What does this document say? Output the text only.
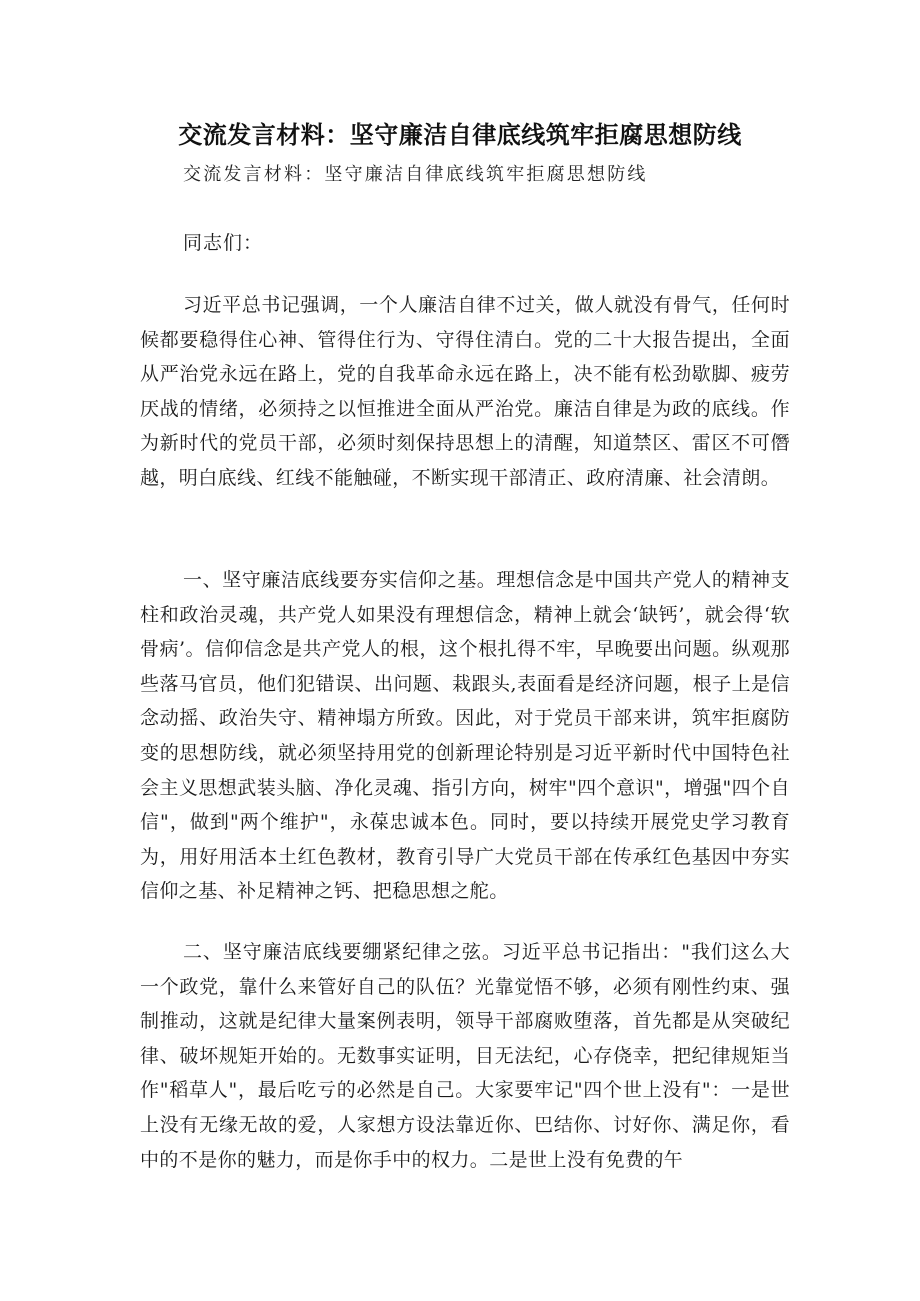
交流发言材料：坚守廉洁自律底线筑牢拒腐思想防线
交流发言材料：坚守廉洁自律底线筑牢拒腐思想防线
同志们：

习近平总书记强调，一个人廉洁自律不过关，做人就没有骨气，任何时候都要稳得住心神、管得住行为、守得住清白。党的二十大报告提出，全面从严治党永远在路上，党的自我革命永远在路上，决不能有松劲歇脚、疲劳厌战的情绪，必须持之以恒推进全面从严治党。廉洁自律是为政的底线。作为新时代的党员干部，必须时刻保持思想上的清醒，知道禁区、雷区不可僭越，明白底线、红线不能触碰，不断实现干部清正、政府清廉、社会清朗。

一、坚守廉洁底线要夯实信仰之基。理想信念是中国共产党人的精神支柱和政治灵魂，共产党人如果没有理想信念，精神上就会‘缺钙’，就会得‘软骨病’。信仰信念是共产党人的根，这个根扎得不牢，早晚要出问题。纵观那些落马官员，他们犯错误、出问题、栽跟头,表面看是经济问题，根子上是信念动摇、政治失守、精神塌方所致。因此，对于党员干部来讲，筑牢拒腐防变的思想防线，就必须坚持用党的创新理论特别是习近平新时代中国特色社会主义思想武装头脑、净化灵魂、指引方向，树牢"四个意识"，增强"四个自信"，做到"两个维护"，永葆忠诚本色。同时，要以持续开展党史学习教育为，用好用活本土红色教材，教育引导广大党员干部在传承红色基因中夯实信仰之基、补足精神之钙、把稳思想之舵。

二、坚守廉洁底线要绷紧纪律之弦。习近平总书记指出："我们这么大一个政党，靠什么来管好自己的队伍？光靠觉悟不够，必须有刚性约束、强制推动，这就是纪律大量案例表明，领导干部腐败堕落，首先都是从突破纪律、破坏规矩开始的。无数事实证明，目无法纪，心存侥幸，把纪律规矩当作"稻草人"，最后吃亏的必然是自己。大家要牢记"四个世上没有"：一是世上没有无缘无故的爱，人家想方设法靠近你、巴结你、讨好你、满足你，看中的不是你的魅力，而是你手中的权力。二是世上没有免费的午
